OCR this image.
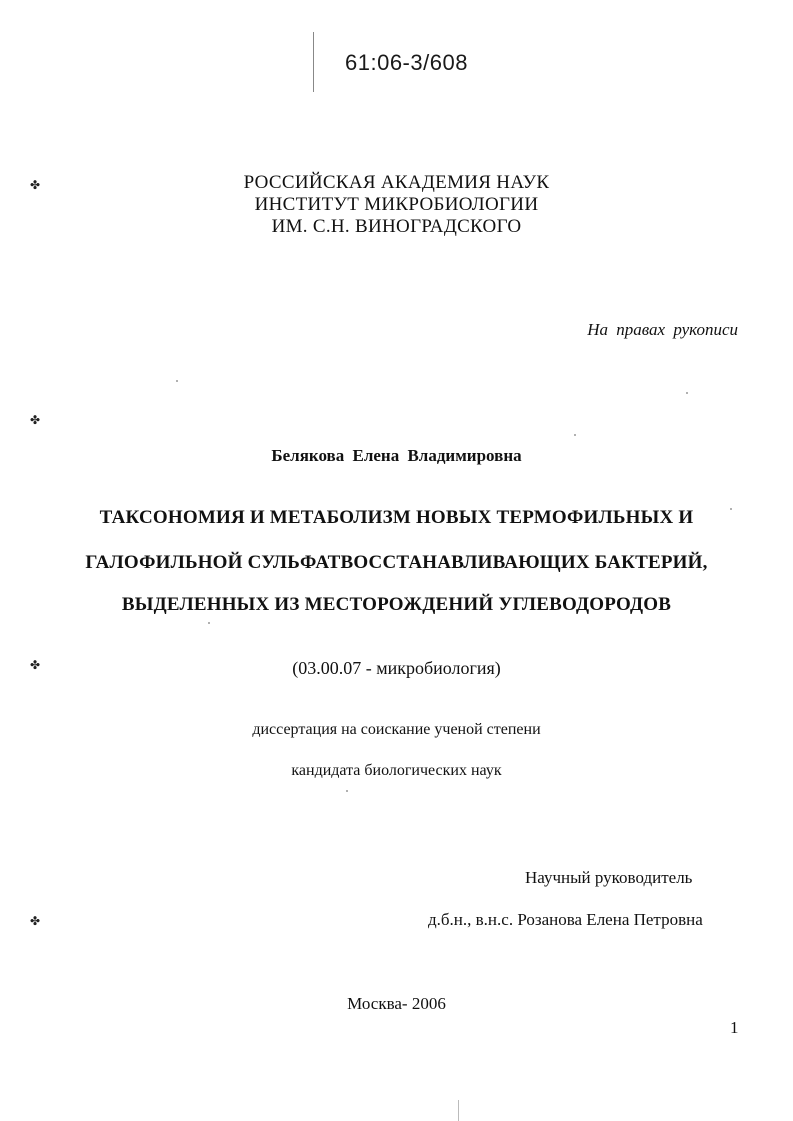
61:06-3/608
РОССИЙСКАЯ АКАДЕМИЯ НАУК
ИНСТИТУТ МИКРОБИОЛОГИИ
ИМ. С.Н. ВИНОГРАДСКОГО
На правах рукописи
Белякова Елена Владимировна
ТАКСОНОМИЯ И МЕТАБОЛИЗМ НОВЫХ ТЕРМОФИЛЬНЫХ И
ГАЛОФИЛЬНОЙ СУЛЬФАТВОССТАНАВЛИВАЮЩИХ БАКТЕРИЙ,
ВЫДЕЛЕННЫХ ИЗ МЕСТОРОЖДЕНИЙ УГЛЕВОДОРОДОВ
(03.00.07 - микробиология)
диссертация на соискание ученой степени
кандидата биологических наук
Научный руководитель
д.б.н., в.н.с. Розанова Елена Петровна
Москва- 2006
1
✤
✤
✤
✤
